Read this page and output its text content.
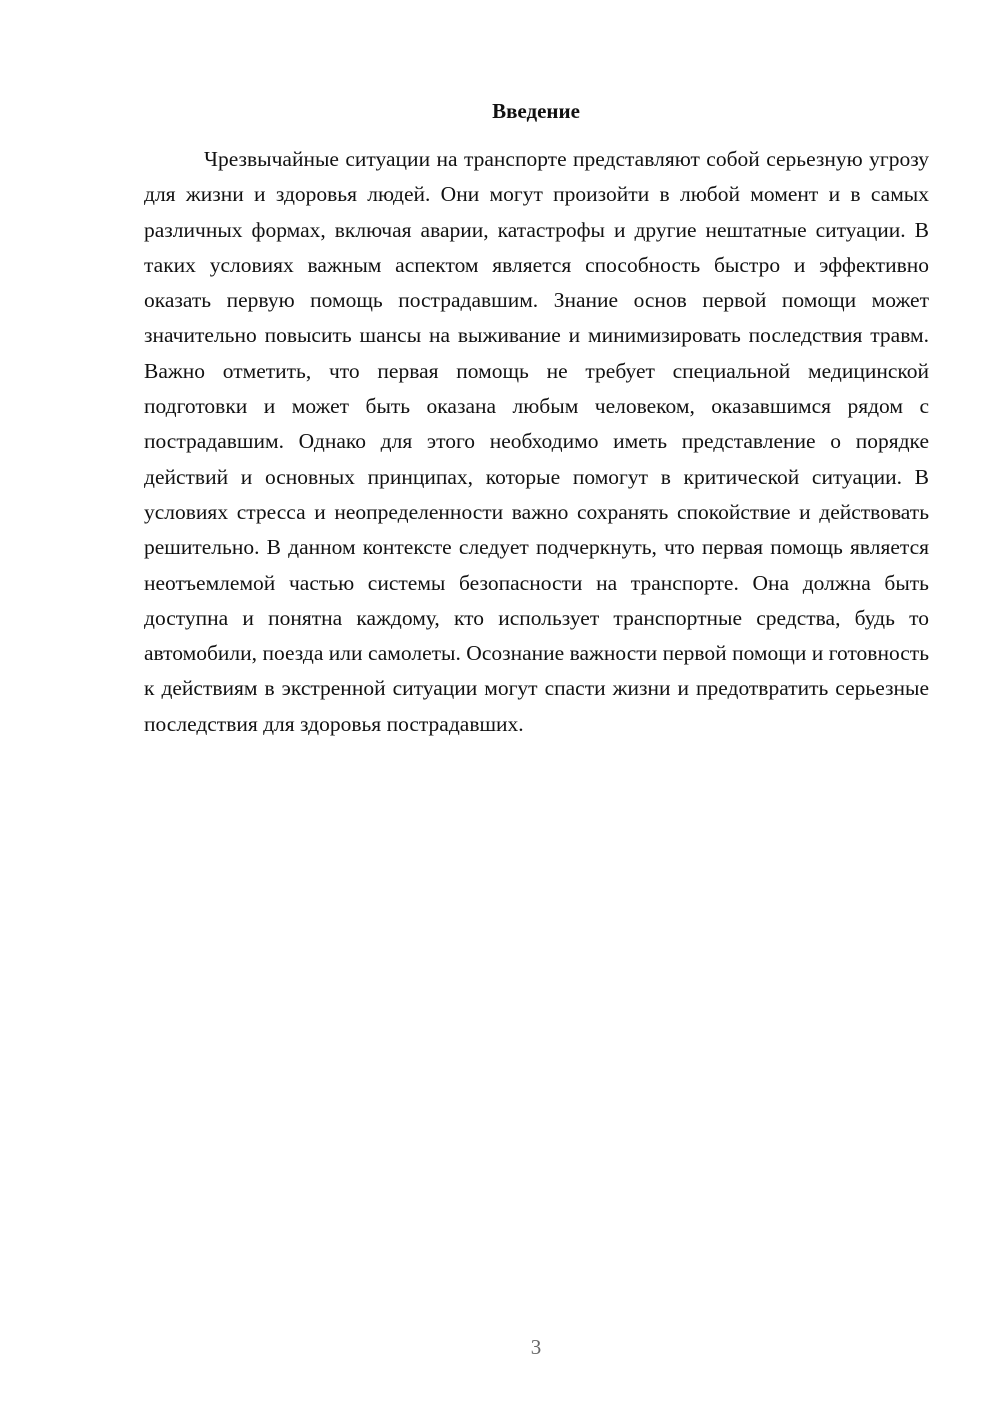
Введение

Чрезвычайные ситуации на транспорте представляют собой серьезную угрозу для жизни и здоровья людей. Они могут произойти в любой момент и в самых различных формах, включая аварии, катастрофы и другие нештатные ситуации. В таких условиях важным аспектом является способность быстро и эффективно оказать первую помощь пострадавшим. Знание основ первой помощи может значительно повысить шансы на выживание и минимизировать последствия травм. Важно отметить, что первая помощь не требует специальной медицинской подготовки и может быть оказана любым человеком, оказавшимся рядом с пострадавшим. Однако для этого необходимо иметь представление о порядке действий и основных принципах, которые помогут в критической ситуации. В условиях стресса и неопределенности важно сохранять спокойствие и действовать решительно. В данном контексте следует подчеркнуть, что первая помощь является неотъемлемой частью системы безопасности на транспорте. Она должна быть доступна и понятна каждому, кто использует транспортные средства, будь то автомобили, поезда или самолеты. Осознание важности первой помощи и готовность к действиям в экстренной ситуации могут спасти жизни и предотвратить серьезные последствия для здоровья пострадавших.

3
